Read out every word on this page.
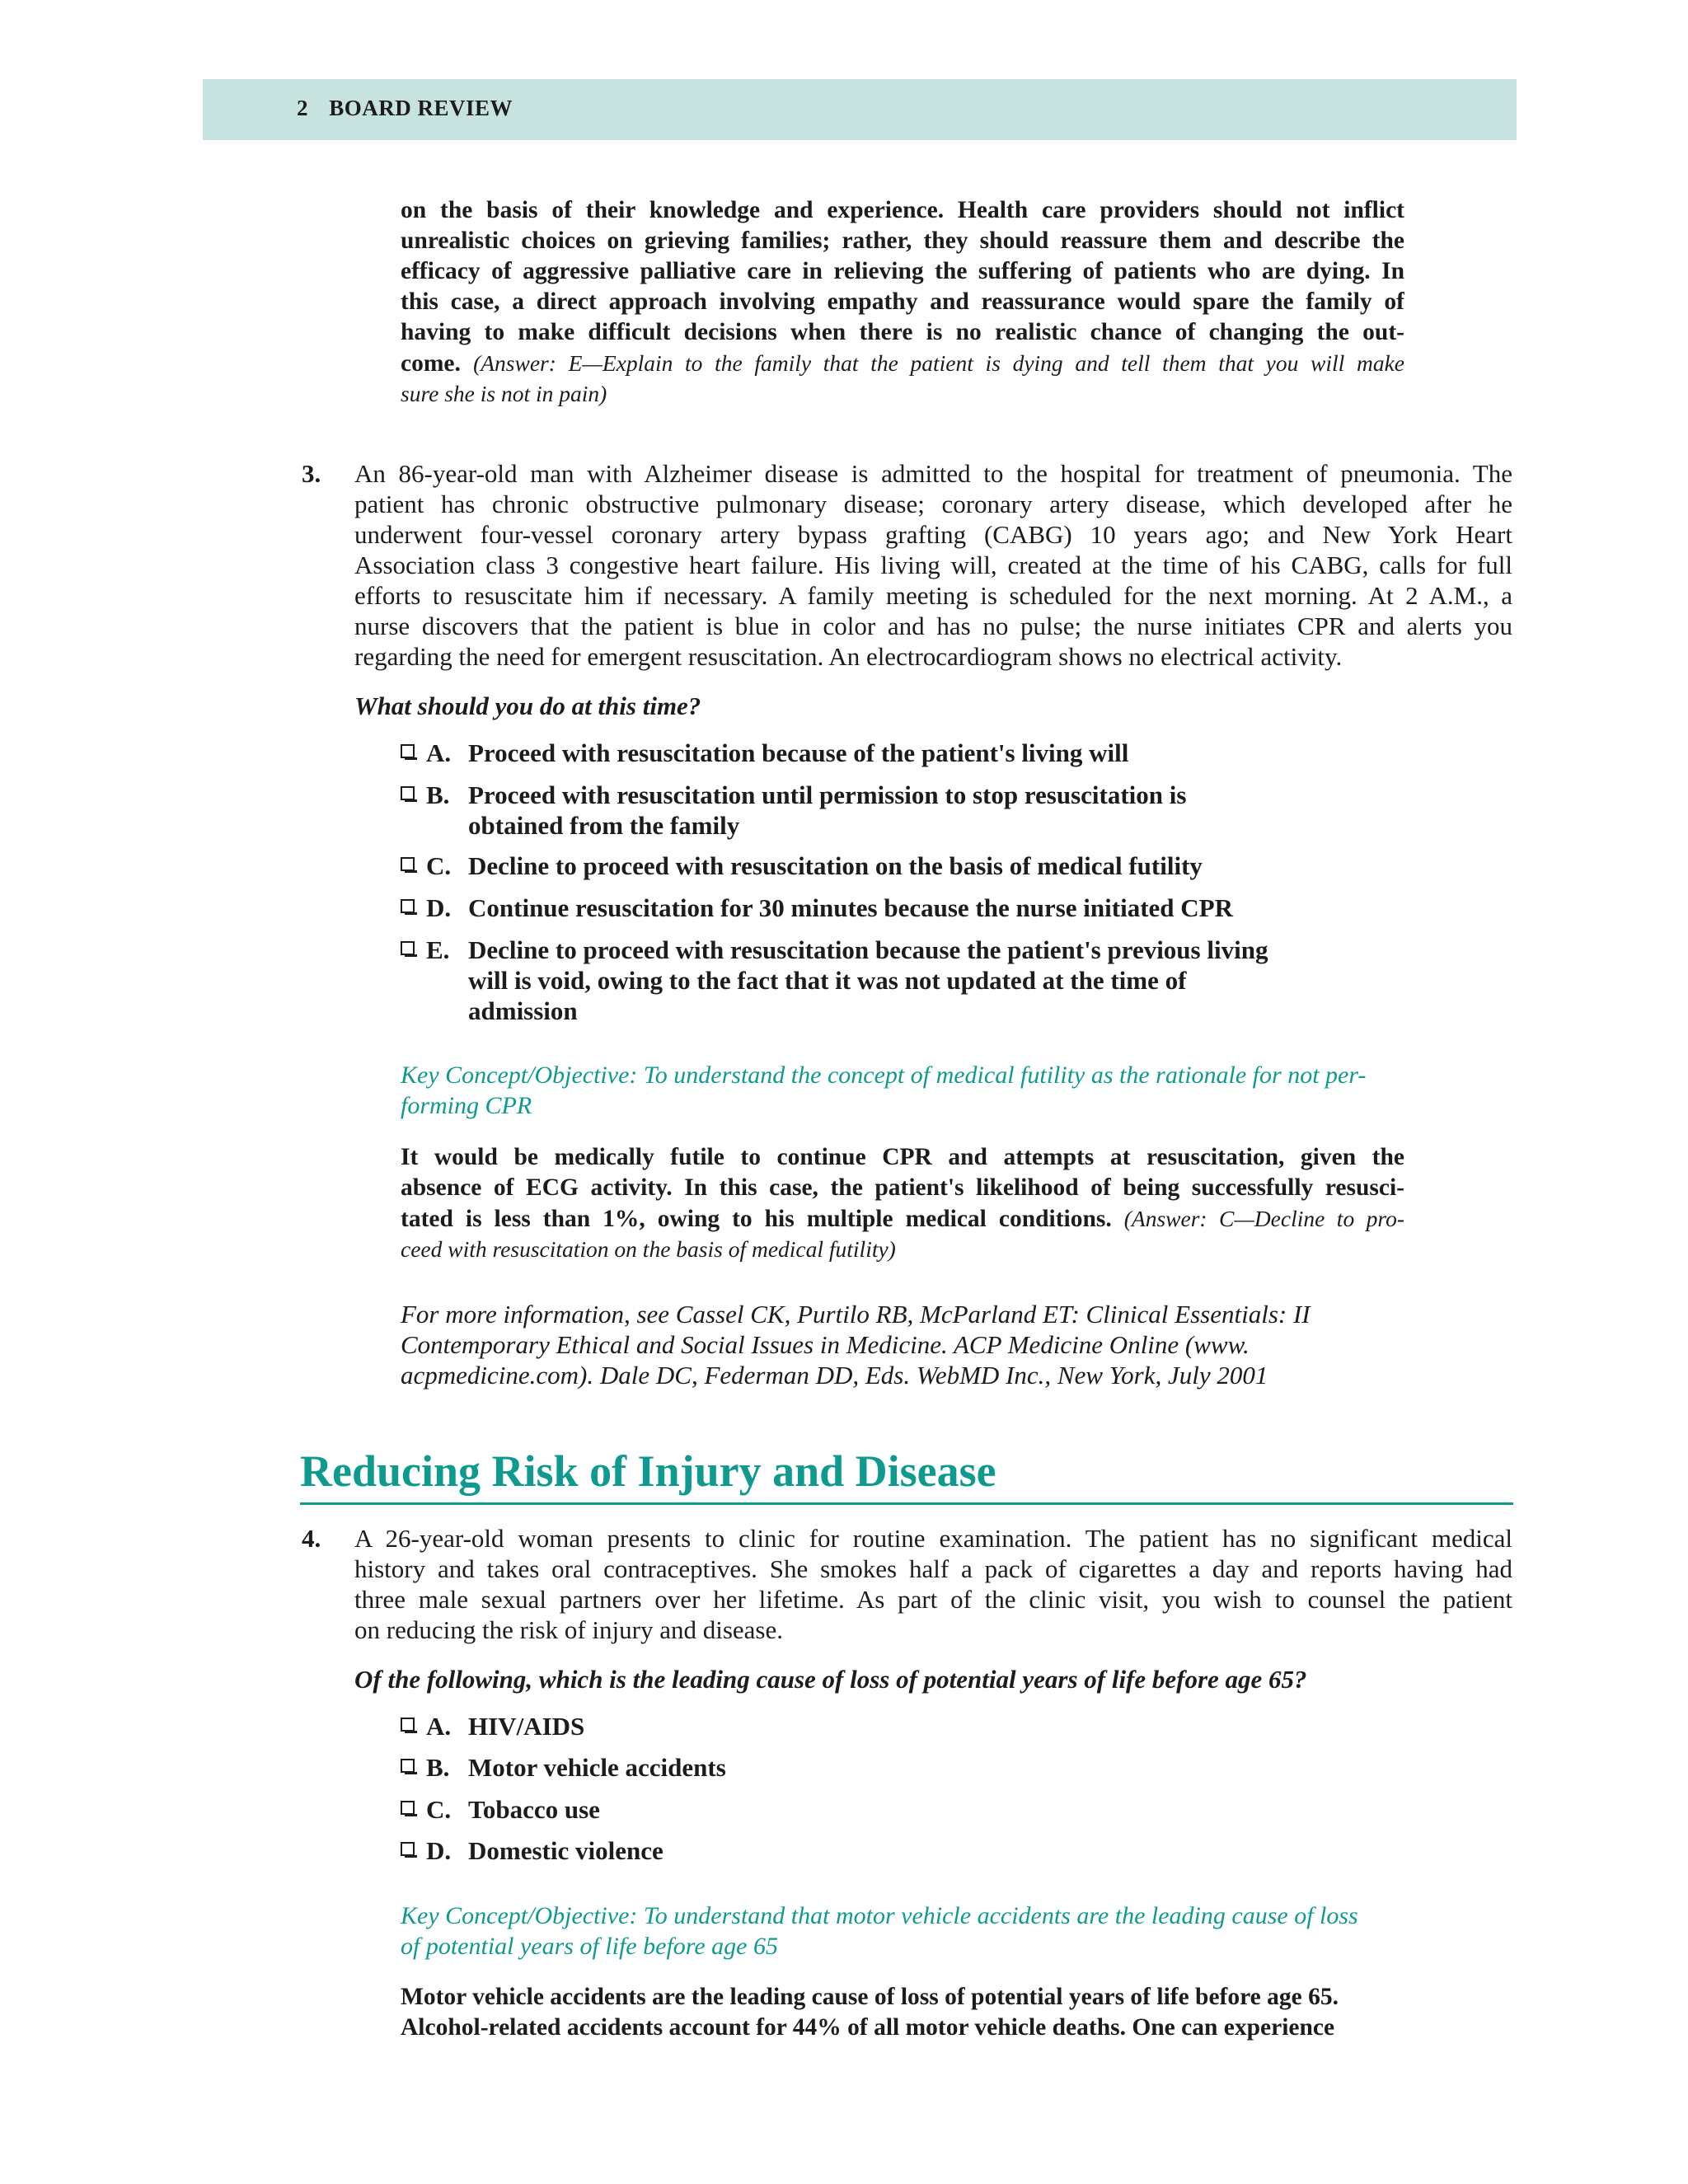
2 BOARD REVIEW
on the basis of their knowledge and experience. Health care providers should not inflict
unrealistic choices on grieving families; rather, they should reassure them and describe the
efficacy of aggressive palliative care in relieving the suffering of patients who are dying. In
this case, a direct approach involving empathy and reassurance would spare the family of
having to make difficult decisions when there is no realistic chance of changing the out-
come. (Answer: E—Explain to the family that the patient is dying and tell them that you will make
sure she is not in pain)
3. An 86-year-old man with Alzheimer disease is admitted to the hospital for treatment of pneumonia. The
patient has chronic obstructive pulmonary disease; coronary artery disease, which developed after he
underwent four-vessel coronary artery bypass grafting (CABG) 10 years ago; and New York Heart
Association class 3 congestive heart failure. His living will, created at the time of his CABG, calls for full
efforts to resuscitate him if necessary. A family meeting is scheduled for the next morning. At 2 A.M., a
nurse discovers that the patient is blue in color and has no pulse; the nurse initiates CPR and alerts you
regarding the need for emergent resuscitation. An electrocardiogram shows no electrical activity.
What should you do at this time?
A. Proceed with resuscitation because of the patient's living will
B. Proceed with resuscitation until permission to stop resuscitation is
obtained from the family
C. Decline to proceed with resuscitation on the basis of medical futility
D. Continue resuscitation for 30 minutes because the nurse initiated CPR
E. Decline to proceed with resuscitation because the patient's previous living
will is void, owing to the fact that it was not updated at the time of
admission
Key Concept/Objective: To understand the concept of medical futility as the rationale for not per-
forming CPR
It would be medically futile to continue CPR and attempts at resuscitation, given the
absence of ECG activity. In this case, the patient's likelihood of being successfully resusci-
tated is less than 1%, owing to his multiple medical conditions. (Answer: C—Decline to pro-
ceed with resuscitation on the basis of medical futility)
For more information, see Cassel CK, Purtilo RB, McParland ET: Clinical Essentials: II
Contemporary Ethical and Social Issues in Medicine. ACP Medicine Online (www.
acpmedicine.com). Dale DC, Federman DD, Eds. WebMD Inc., New York, July 2001
Reducing Risk of Injury and Disease
4. A 26-year-old woman presents to clinic for routine examination. The patient has no significant medical
history and takes oral contraceptives. She smokes half a pack of cigarettes a day and reports having had
three male sexual partners over her lifetime. As part of the clinic visit, you wish to counsel the patient
on reducing the risk of injury and disease.
Of the following, which is the leading cause of loss of potential years of life before age 65?
A. HIV/AIDS
B. Motor vehicle accidents
C. Tobacco use
D. Domestic violence
Key Concept/Objective: To understand that motor vehicle accidents are the leading cause of loss
of potential years of life before age 65
Motor vehicle accidents are the leading cause of loss of potential years of life before age 65.
Alcohol-related accidents account for 44% of all motor vehicle deaths. One can experience
